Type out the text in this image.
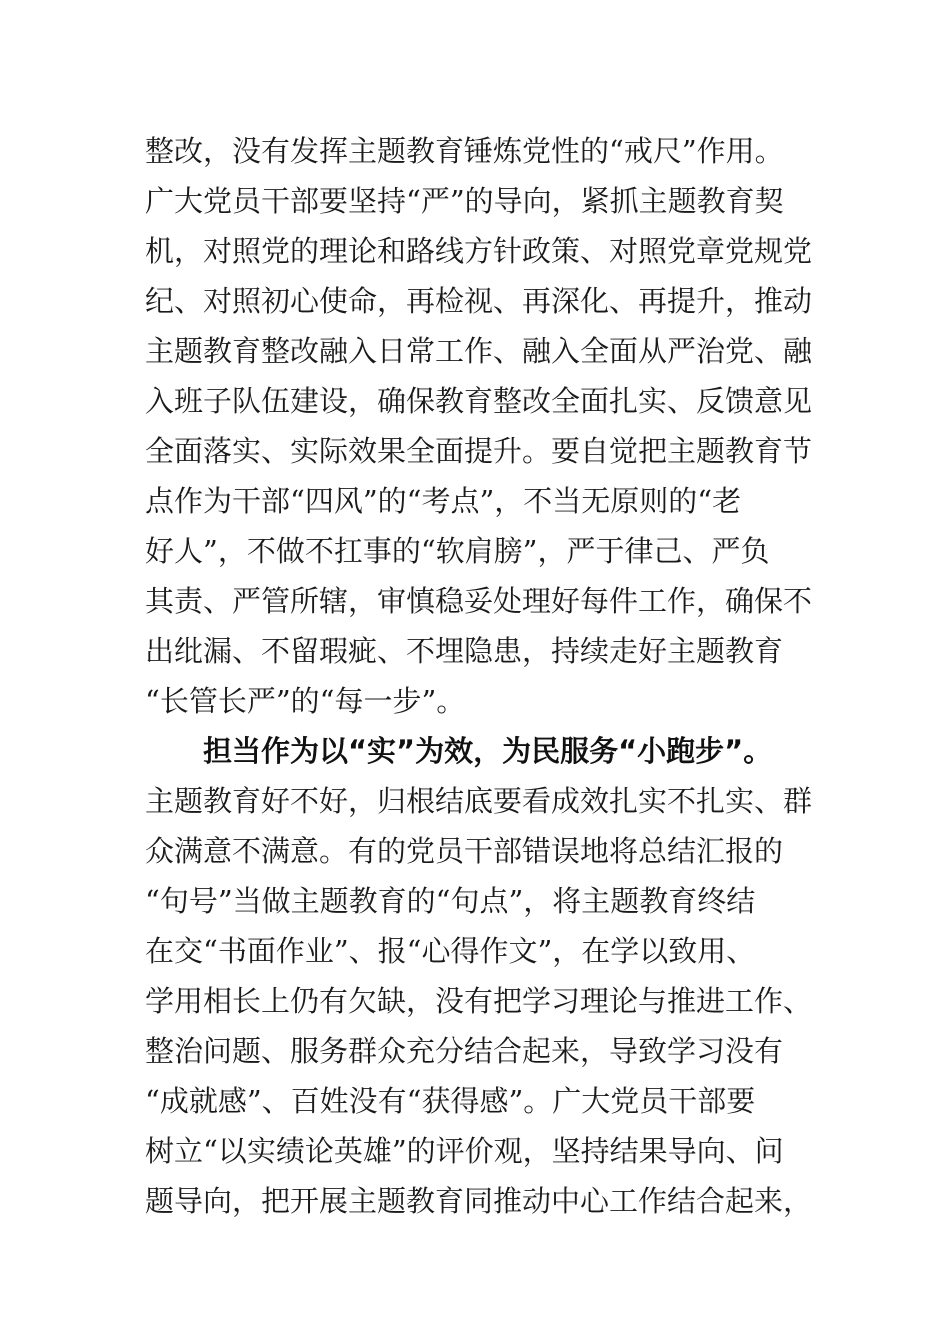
整改，没有发挥主题教育锤炼党性的“戒尺”作用。
广大党员干部要坚持“严”的导向，紧抓主题教育契
机，对照党的理论和路线方针政策、对照党章党规党
纪、对照初心使命，再检视、再深化、再提升，推动
主题教育整改融入日常工作、融入全面从严治党、融
入班子队伍建设，确保教育整改全面扎实、反馈意见
全面落实、实际效果全面提升。要自觉把主题教育节
点作为干部“四风”的“考点”，不当无原则的“老
好人”，不做不扛事的“软肩膀”，严于律己、严负
其责、严管所辖，审慎稳妥处理好每件工作，确保不
出纰漏、不留瑕疵、不埋隐患，持续走好主题教育
“长管长严”的“每一步”。
担当作为以“实”为效，为民服务“小跑步”。
主题教育好不好，归根结底要看成效扎实不扎实、群
众满意不满意。有的党员干部错误地将总结汇报的
“句号”当做主题教育的“句点”，将主题教育终结
在交“书面作业”、报“心得作文”，在学以致用、
学用相长上仍有欠缺，没有把学习理论与推进工作、
整治问题、服务群众充分结合起来，导致学习没有
“成就感”、百姓没有“获得感”。广大党员干部要
树立“以实绩论英雄”的评价观，坚持结果导向、问
题导向，把开展主题教育同推动中心工作结合起来，
